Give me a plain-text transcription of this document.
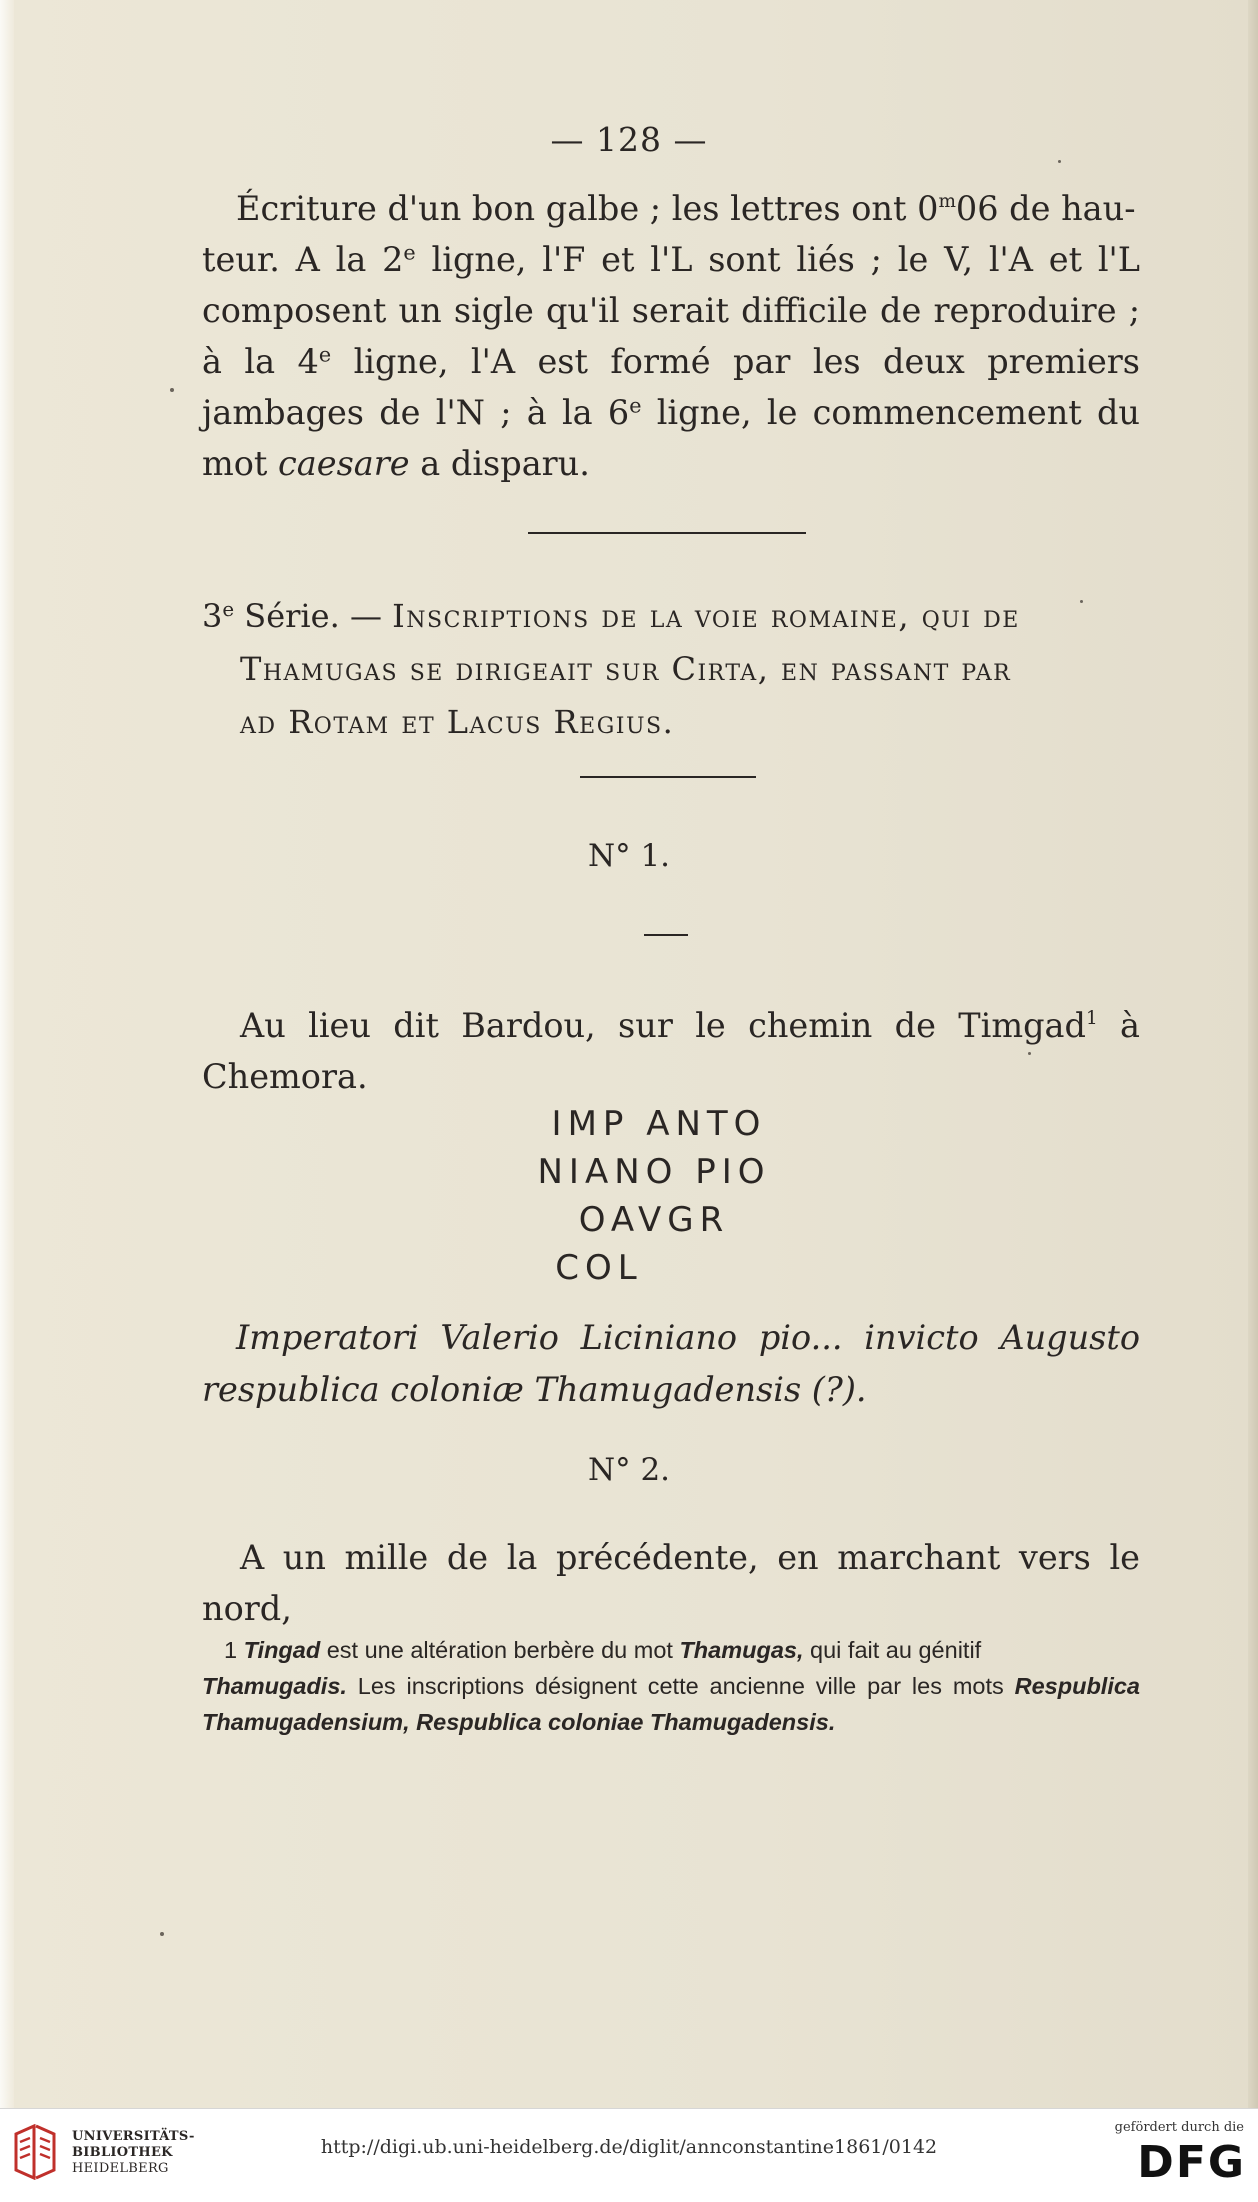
— 128 —

Écriture d'un bon galbe ; les lettres ont 0$^m$06 de hau-
teur. A la 2e ligne, l'F et l'L sont liés ; le V, l'A et l'L composent un sigle qu'il serait difficile de reproduire ; à la 4e ligne, l'A est formé par les deux premiers jambages de l'N ; à la 6e ligne, le commencement du mot caesare a disparu.

3e Série. — Inscriptions de la voie romaine, qui de
Thamugas se dirigeait sur Cirta, en passant par
ad Rotam et Lacus Regius.

N° 1.

Au lieu dit Bardou, sur le chemin de Timgad$^1$ à Chemora.

IMP ANTO
NIANO PIO
OAVGR
COL

Imperatori Valerio Liciniano pio... invicto Augusto
respublica coloniæ Thamugadensis (?).

N° 2.

A un mille de la précédente, en marchant vers le nord,

1 Tingad est une altération berbère du mot Thamugas, qui fait au génitif
Thamugadis. Les inscriptions désignent cette ancienne ville par les mots Respublica Thamugadensium, Respublica coloniae Thamugadensis.

UNIVERSITÄTS-
BIBLIOTHEK
HEIDELBERG
http://digi.ub.uni-heidelberg.de/diglit/annconstantine1861/0142
gefördert durch die
DFG
